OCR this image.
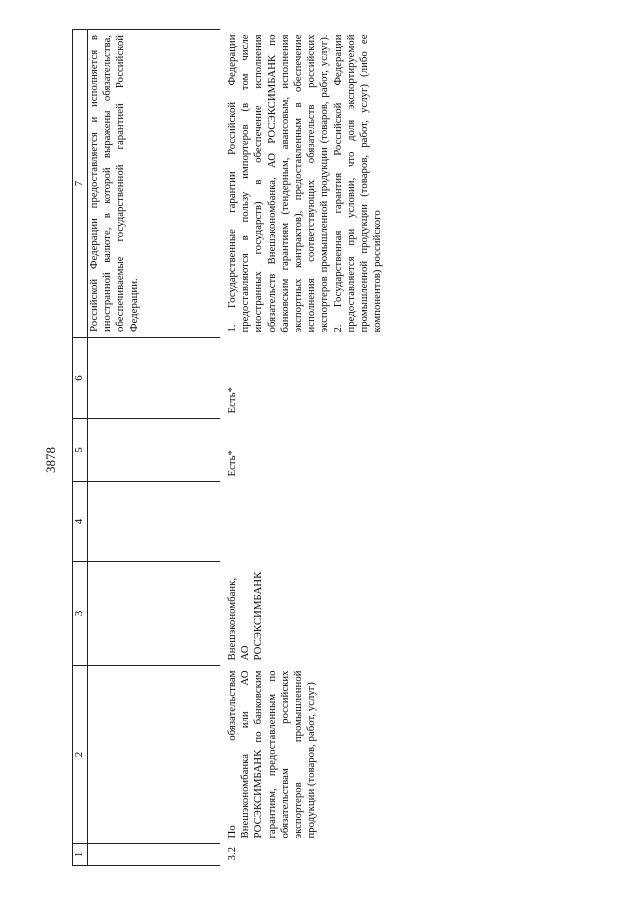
3878
1	2	3	4	5	6	7
						Российской Федерации предоставляется и исполняется в иностранной валюте, в которой выражены обязательства, обеспечиваемые государственной гарантией Российской Федерации.

3.2	По обязательствам Внешэкономбанка или АО РОСЭКСИМБАНК по банковским гарантиям, предоставленным по обязательствам российских экспортеров промышленной продукции (товаров, работ, услуг)	Внешэкономбанк, АО РОСЭКСИМБАНК		Есть*	Есть*	1. Государственные гарантии Российской Федерации предоставляются в пользу импортеров (в том числе иностранных государств) в обеспечение исполнения обязательств Внешэкономбанка, АО РОСЭКСИМБАНК по банковским гарантиям (тендерным, авансовым, исполнения экспортных контрактов), предоставленным в обеспечение исполнения соответствующих обязательств российских экспортеров промышленной продукции (товаров, работ, услуг). 2. Государственная гарантия Российской Федерации предоставляется при условии, что доля экспортируемой промышленной продукции (товаров, работ, услуг) (либо ее компонентов) российского
